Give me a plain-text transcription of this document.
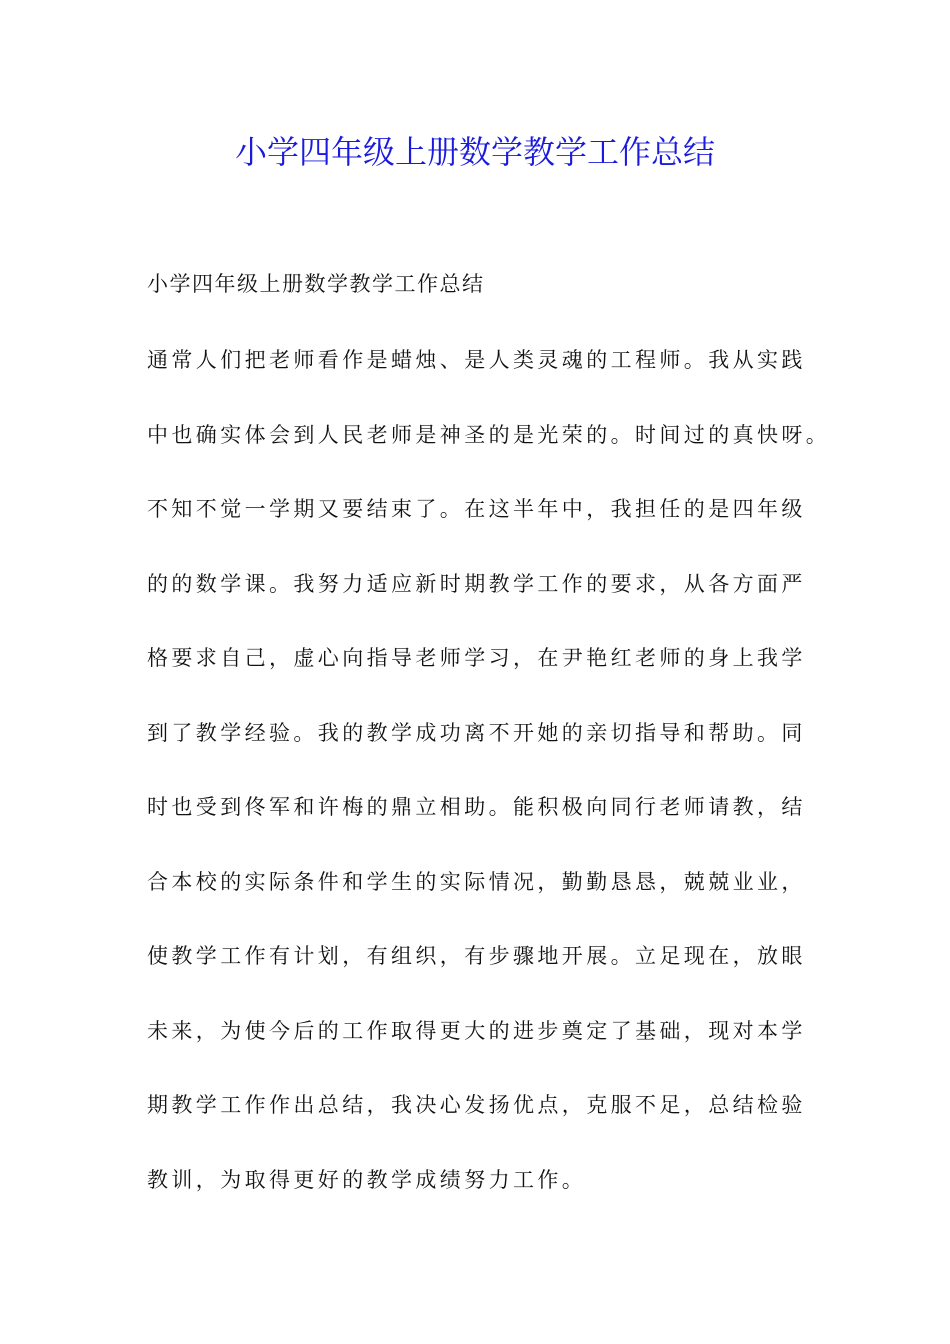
小学四年级上册数学教学工作总结
小学四年级上册数学教学工作总结
通常人们把老师看作是蜡烛、是人类灵魂的工程师。我从实践
中也确实体会到人民老师是神圣的是光荣的。时间过的真快呀。
不知不觉一学期又要结束了。在这半年中，我担任的是四年级
的的数学课。我努力适应新时期教学工作的要求，从各方面严
格要求自己，虚心向指导老师学习，在尹艳红老师的身上我学
到了教学经验。我的教学成功离不开她的亲切指导和帮助。同
时也受到佟军和许梅的鼎立相助。能积极向同行老师请教，结
合本校的实际条件和学生的实际情况，勤勤恳恳，兢兢业业，
使教学工作有计划，有组织，有步骤地开展。立足现在，放眼
未来，为使今后的工作取得更大的进步奠定了基础，现对本学
期教学工作作出总结，我决心发扬优点，克服不足，总结检验
教训，为取得更好的教学成绩努力工作。
